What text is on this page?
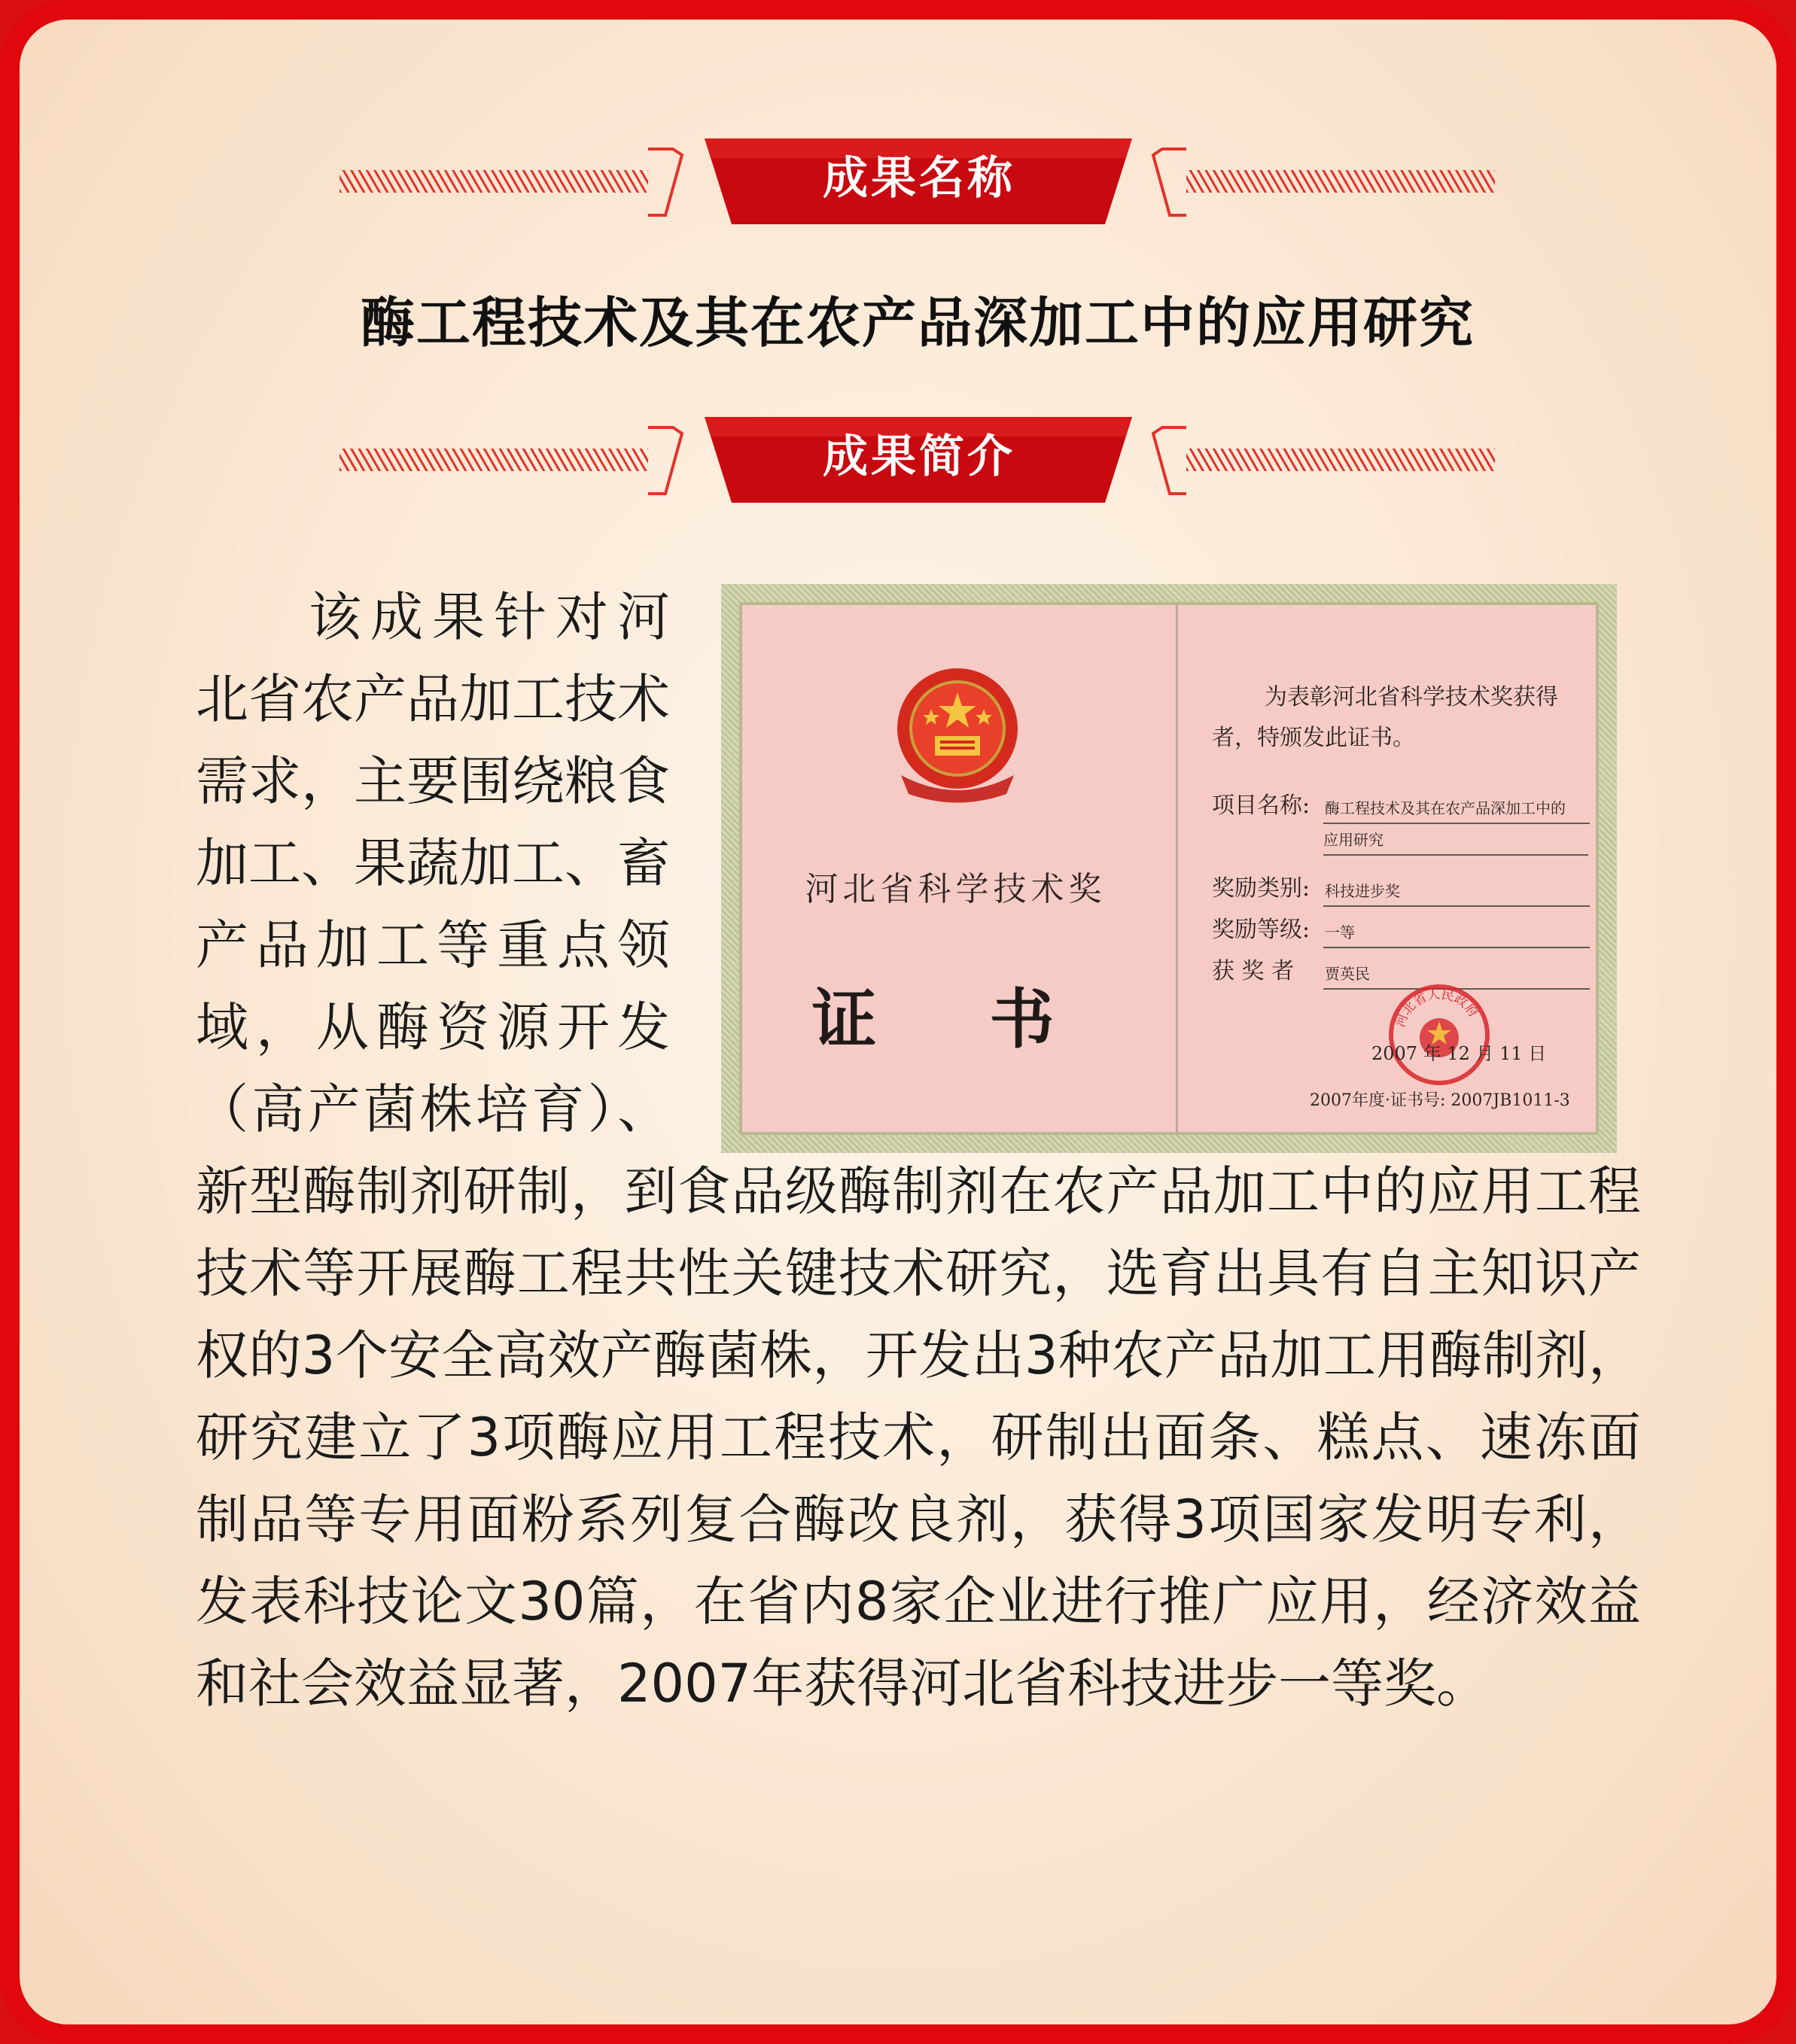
成果名称
酶工程技术及其在农产品深加工中的应用研究
成果简介

该成果针对河北省农产品加工技术需求，主要围绕粮食加工、果蔬加工、畜产品加工等重点领域，从酶资源开发（高产菌株培育）、新型酶制剂研制，到食品级酶制剂在农产品加工中的应用工程技术等开展酶工程共性关键技术研究，选育出具有自主知识产权的3个安全高效产酶菌株，开发出3种农产品加工用酶制剂，研究建立了3项酶应用工程技术，研制出面条、糕点、速冻面制品等专用面粉系列复合酶改良剂，获得3项国家发明专利，发表科技论文30篇，在省内8家企业进行推广应用，经济效益和社会效益显著，2007年获得河北省科技进步一等奖。

河北省科学技术奖
证 书
为表彰河北省科学技术奖获得者，特颁发此证书。
项目名称: 酶工程技术及其在农产品深加工中的
应用研究
奖励类别: 科技进步奖
奖励等级: 一等
获 奖 者 贾英民
河北省人民政府
2007 年 12 月 11 日
2007年度·证书号: 2007JB1011-3
